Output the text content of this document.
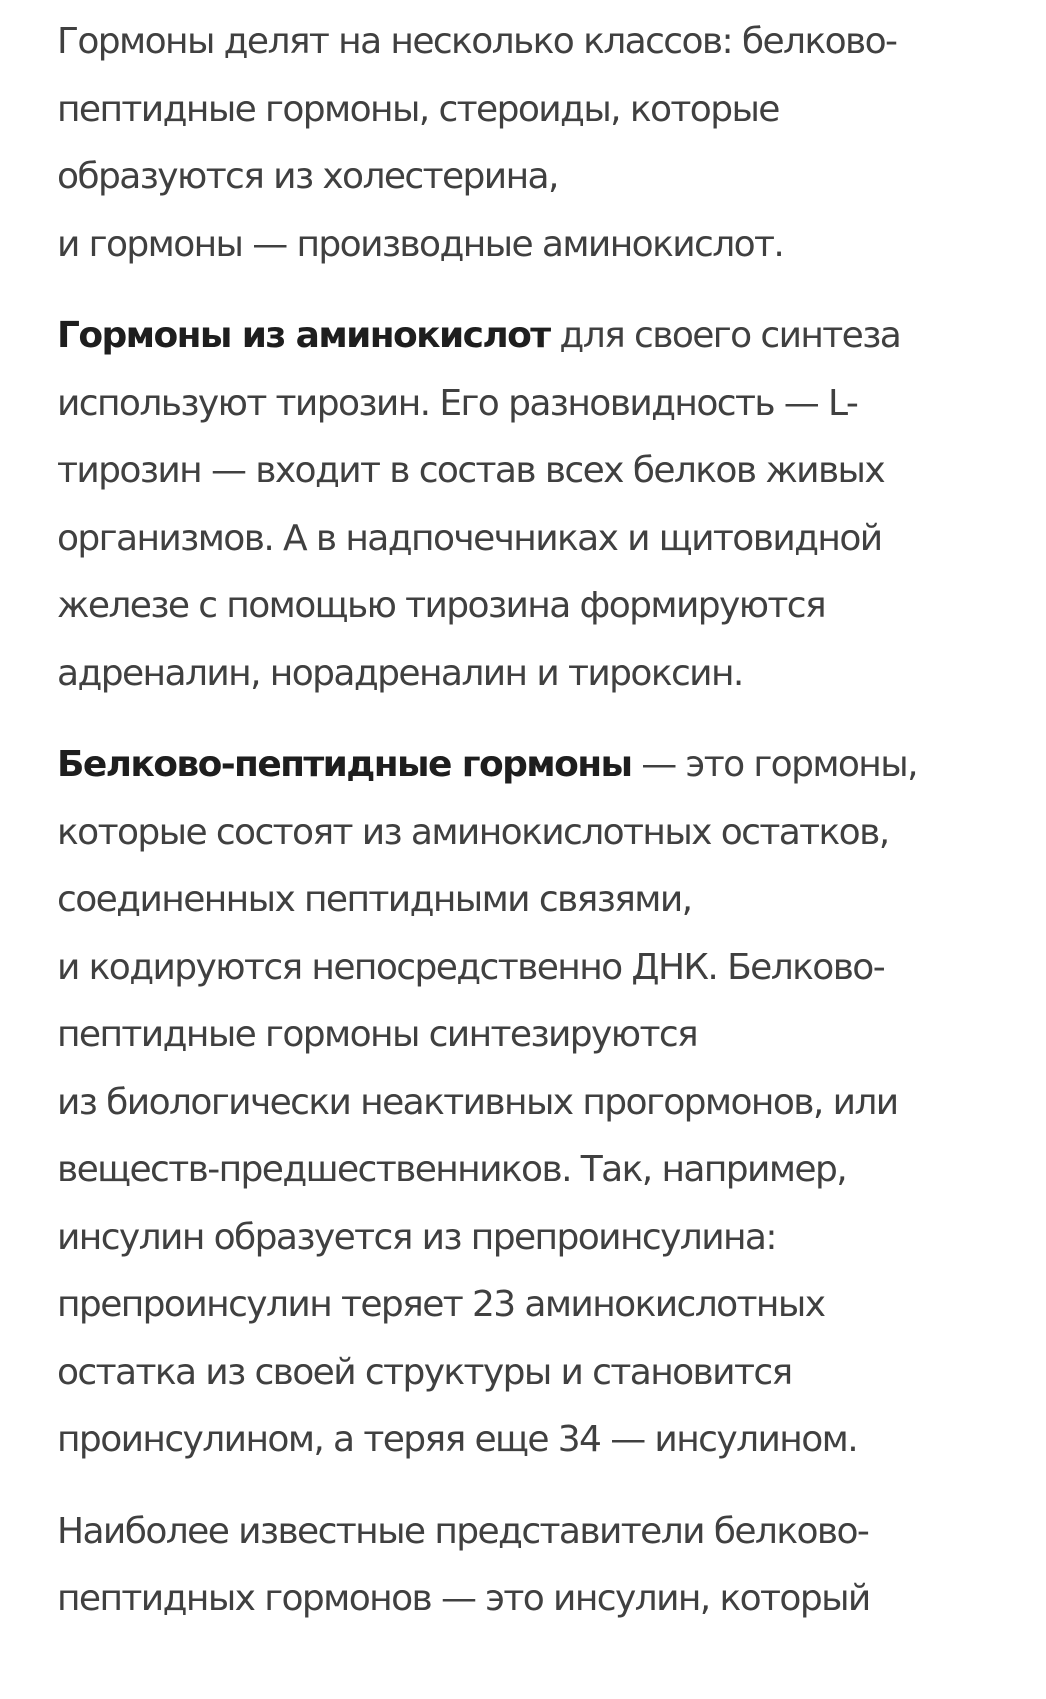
Гормоны делят на несколько классов: белково-
пептидные гормоны, стероиды, которые
образуются из холестерина,
и гормоны — производные аминокислот.

Гормоны из аминокислот для своего синтеза
используют тирозин. Его разновидность — L-
тирозин — входит в состав всех белков живых
организмов. А в надпочечниках и щитовидной
железе с помощью тирозина формируются
адреналин, норадреналин и тироксин.

Белково-пептидные гормоны — это гормоны,
которые состоят из аминокислотных остатков,
соединенных пептидными связями,
и кодируются непосредственно ДНК. Белково-
пептидные гормоны синтезируются
из биологически неактивных прогормонов, или
веществ-предшественников. Так, например,
инсулин образуется из препроинсулина:
препроинсулин теряет 23 аминокислотных
остатка из своей структуры и становится
проинсулином, а теряя еще 34 — инсулином.

Наиболее известные представители белково-
пептидных гормонов — это инсулин, который
